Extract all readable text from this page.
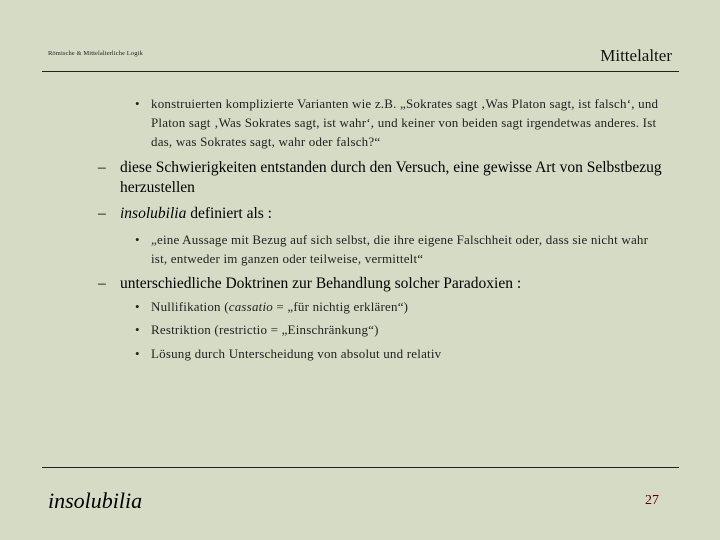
Römische & Mittelalterliche Logik	Mittelalter
• konstruierten komplizierte Varianten wie z.B. „Sokrates sagt ‚Was Platon sagt, ist falsch‘, und Platon sagt ‚Was Sokrates sagt, ist wahr‘, und keiner von beiden sagt irgendetwas anderes. Ist das, was Sokrates sagt, wahr oder falsch?“
– diese Schwierigkeiten entstanden durch den Versuch, eine gewisse Art von Selbstbezug herzustellen
– insolubilia definiert als :
• „eine Aussage mit Bezug auf sich selbst, die ihre eigene Falschheit oder, dass sie nicht wahr ist, entweder im ganzen oder teilweise, vermittelt“
– unterschiedliche Doktrinen zur Behandlung solcher Paradoxien :
• Nullifikation (cassatio = „für nichtig erklären“)
• Restriktion (restrictio = „Einschränkung“)
• Lösung durch Unterscheidung von absolut und relativ
insolubilia	27
